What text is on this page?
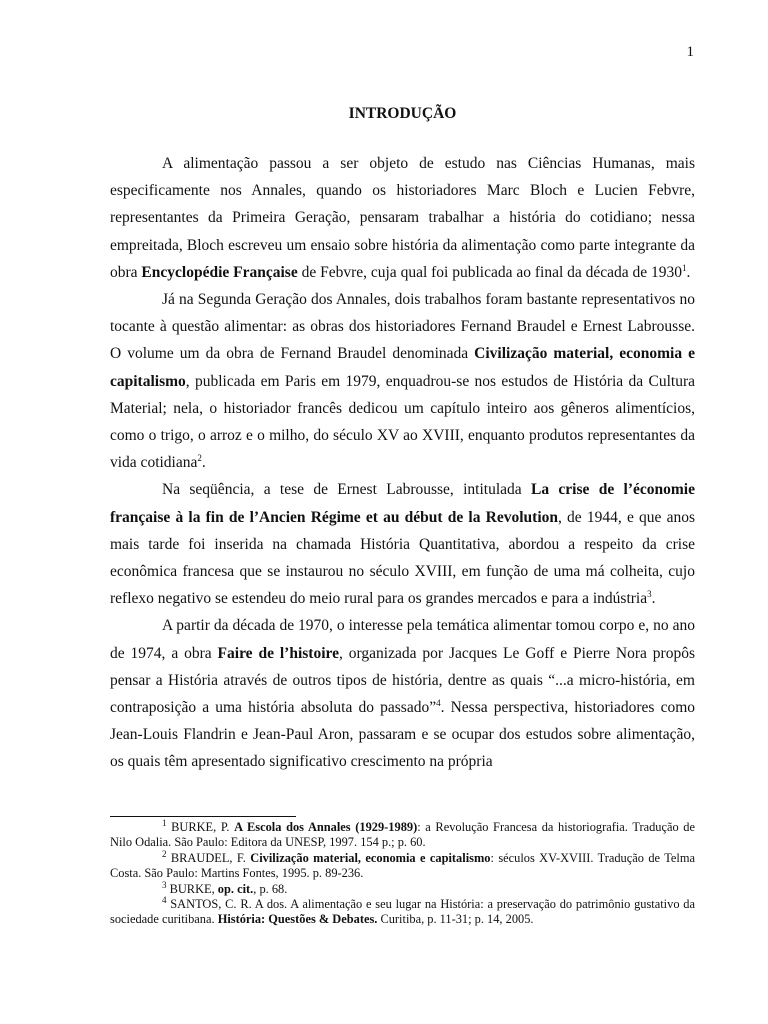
1
INTRODUÇÃO

A alimentação passou a ser objeto de estudo nas Ciências Humanas, mais especificamente nos Annales, quando os historiadores Marc Bloch e Lucien Febvre, representantes da Primeira Geração, pensaram trabalhar a história do cotidiano; nessa empreitada, Bloch escreveu um ensaio sobre história da alimentação como parte integrante da obra Encyclopédie Française de Febvre, cuja qual foi publicada ao final da década de 1930$^1$.

Já na Segunda Geração dos Annales, dois trabalhos foram bastante representativos no tocante à questão alimentar: as obras dos historiadores Fernand Braudel e Ernest Labrousse. O volume um da obra de Fernand Braudel denominada Civilização material, economia e capitalismo, publicada em Paris em 1979, enquadrou-se nos estudos de História da Cultura Material; nela, o historiador francês dedicou um capítulo inteiro aos gêneros alimentícios, como o trigo, o arroz e o milho, do século XV ao XVIII, enquanto produtos representantes da vida cotidiana$^2$.

Na seqüência, a tese de Ernest Labrousse, intitulada La crise de l’économie française à la fin de l’Ancien Régime et au début de la Revolution, de 1944, e que anos mais tarde foi inserida na chamada História Quantitativa, abordou a respeito da crise econômica francesa que se instaurou no século XVIII, em função de uma má colheita, cujo reflexo negativo se estendeu do meio rural para os grandes mercados e para a indústria$^3$.

A partir da década de 1970, o interesse pela temática alimentar tomou corpo e, no ano de 1974, a obra Faire de l’histoire, organizada por Jacques Le Goff e Pierre Nora propôs pensar a História através de outros tipos de história, dentre as quais “...a micro-história, em contraposição a uma história absoluta do passado”$^4$. Nessa perspectiva, historiadores como Jean-Louis Flandrin e Jean-Paul Aron, passaram e se ocupar dos estudos sobre alimentação, os quais têm apresentado significativo crescimento na própria

$^1$ BURKE, P. A Escola dos Annales (1929-1989): a Revolução Francesa da historiografia. Tradução de Nilo Odalia. São Paulo: Editora da UNESP, 1997. 154 p.; p. 60.

$^2$ BRAUDEL, F. Civilização material, economia e capitalismo: séculos XV-XVIII. Tradução de Telma Costa. São Paulo: Martins Fontes, 1995. p. 89-236.

$^3$ BURKE, op. cit., p. 68.

$^4$ SANTOS, C. R. A dos. A alimentação e seu lugar na História: a preservação do patrimônio gustativo da sociedade curitibana. História: Questões & Debates. Curitiba, p. 11-31; p. 14, 2005.
